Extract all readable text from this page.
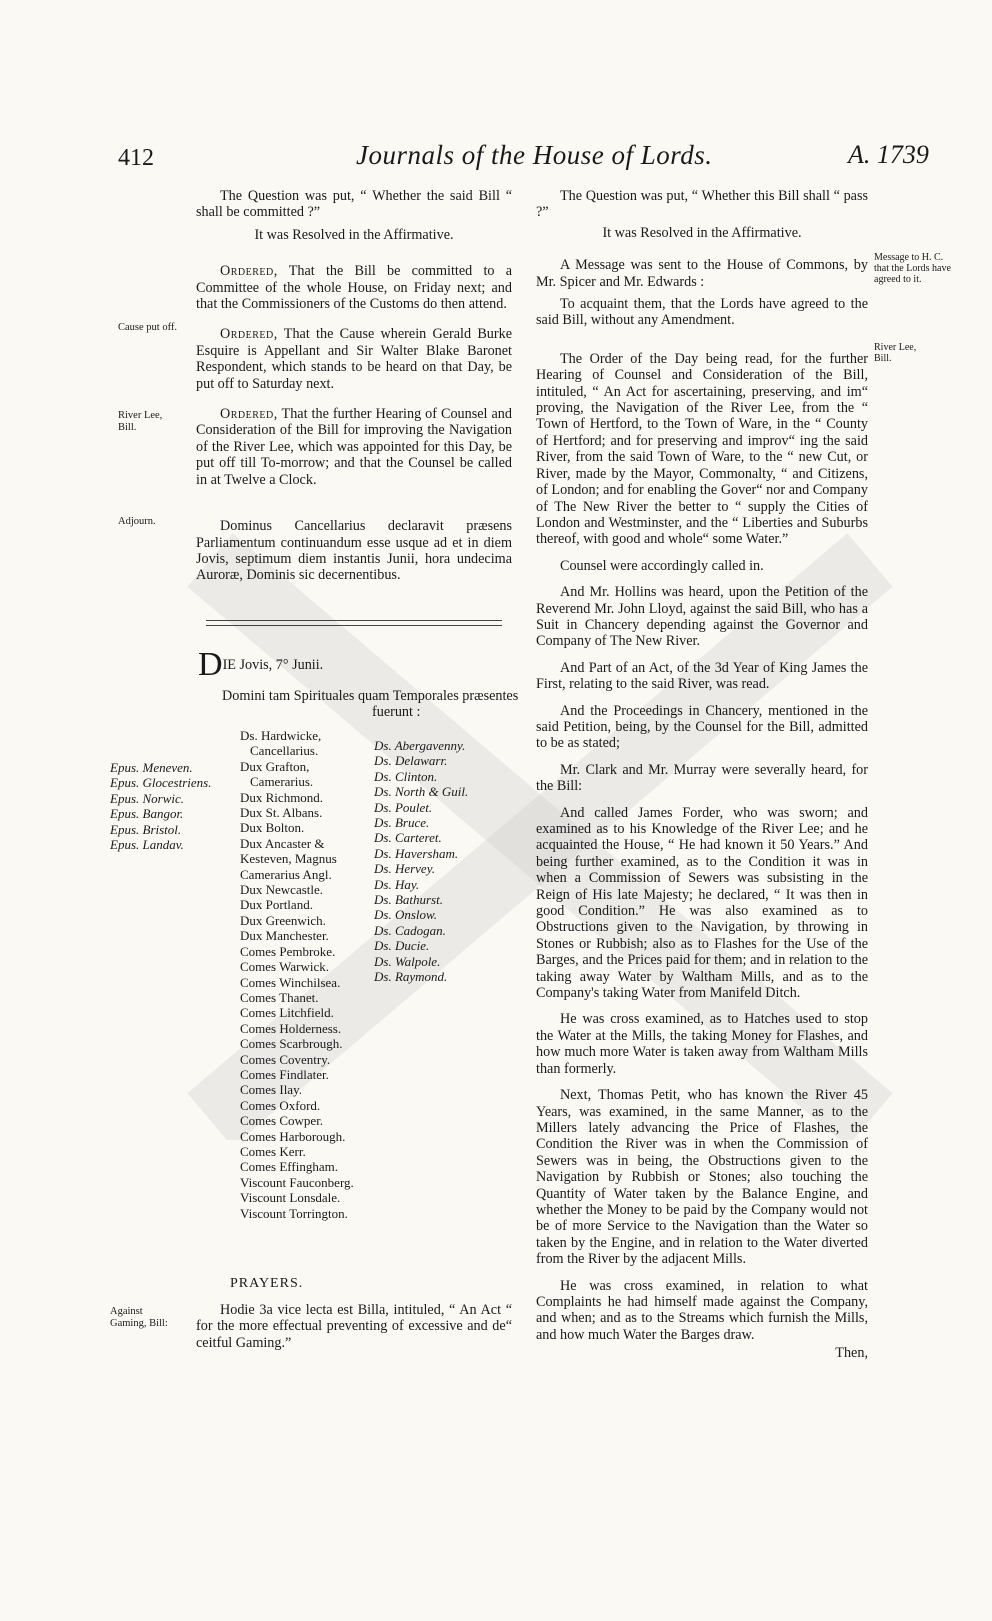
412	Journals of the House of Lords.	A. 1739

The Question was put, “ Whether the said Bill “ shall be committed ?”

It was Resolved in the Affirmative.

Ordered, That the Bill be committed to a Committee of the whole House, on Friday next; and that the Commissioners of the Customs do then attend.

Ordered, That the Cause wherein Gerald Burke Esquire is Appellant and Sir Walter Blake Baronet Respondent, which stands to be heard on that Day, be put off to Saturday next.

Ordered, That the further Hearing of Counsel and Consideration of the Bill for improving the Navigation of the River Lee, which was appointed for this Day, be put off till To-morrow; and that the Counsel be called in at Twelve a Clock.

Dominus Cancellarius declaravit præsens Parliamentum continuandum esse usque ad et in diem Jovis, septimum diem instantis Junii, hora undecima Auroræ, Dominis sic decernentibus.

Cause put off.
River Lee, Bill.
Adjourn.
DIE Jovis, 7° Junii.
Domini tam Spirituales quam Temporales præsentes
fuerunt :
Epus. Meneven.
Epus. Glocestriens.
Epus. Norwic.
Epus. Bangor.
Epus. Bristol.
Epus. Landav.
Ds. Hardwicke,
Cancellarius.
Dux Grafton,
Camerarius.
Dux Richmond.
Dux St. Albans.
Dux Bolton.
Dux Ancaster & Kesteven, Magnus Camerarius Angl.
Dux Newcastle.
Dux Portland.
Dux Greenwich.
Dux Manchester.
Comes Pembroke.
Comes Warwick.
Comes Winchilsea.
Comes Thanet.
Comes Litchfield.
Comes Holderness.
Comes Scarbrough.
Comes Coventry.
Comes Findlater.
Comes Ilay.
Comes Oxford.
Comes Cowper.
Comes Harborough.
Comes Kerr.
Comes Effingham.
Viscount Fauconberg.
Viscount Lonsdale.
Viscount Torrington.
Ds. Abergavenny.
Ds. Delawarr.
Ds. Clinton.
Ds. North & Guil.
Ds. Poulet.
Ds. Bruce.
Ds. Carteret.
Ds. Haversham.
Ds. Hervey.
Ds. Hay.
Ds. Bathurst.
Ds. Onslow.
Ds. Cadogan.
Ds. Ducie.
Ds. Walpole.
Ds. Raymond.
PRAYERS.
Against Gaming, Bill:

Hodie 3a vice lecta est Billa, intituled, “ An Act “ for the more effectual preventing of excessive and de“ ceitful Gaming.”

The Question was put, “ Whether this Bill shall “ pass ?”

It was Resolved in the Affirmative.

A Message was sent to the House of Commons, by Mr. Spicer and Mr. Edwards :

To acquaint them, that the Lords have agreed to the said Bill, without any Amendment.

The Order of the Day being read, for the further Hearing of Counsel and Consideration of the Bill, intituled, “ An Act for ascertaining, preserving, and im“ proving, the Navigation of the River Lee, from the “ Town of Hertford, to the Town of Ware, in the “ County of Hertford; and for preserving and improv“ ing the said River, from the said Town of Ware, to the “ new Cut, or River, made by the Mayor, Commonalty, “ and Citizens, of London; and for enabling the Gover“ nor and Company of The New River the better to “ supply the Cities of London and Westminster, and the “ Liberties and Suburbs thereof, with good and whole“ some Water.”

Counsel were accordingly called in.

And Mr. Hollins was heard, upon the Petition of the Reverend Mr. John Lloyd, against the said Bill, who has a Suit in Chancery depending against the Governor and Company of The New River.

And Part of an Act, of the 3d Year of King James the First, relating to the said River, was read.

And the Proceedings in Chancery, mentioned in the said Petition, being, by the Counsel for the Bill, admitted to be as stated;

Mr. Clark and Mr. Murray were severally heard, for the Bill:

And called James Forder, who was sworn; and examined as to his Knowledge of the River Lee; and he acquainted the House, “ He had known it 50 Years.” And being further examined, as to the Condition it was in when a Commission of Sewers was subsisting in the Reign of His late Majesty; he declared, “ It was then in good Condition.” He was also examined as to Obstructions given to the Navigation, by throwing in Stones or Rubbish; also as to Flashes for the Use of the Barges, and the Prices paid for them; and in relation to the taking away Water by Waltham Mills, and as to the Company's taking Water from Manifeld Ditch.

He was cross examined, as to Hatches used to stop the Water at the Mills, the taking Money for Flashes, and how much more Water is taken away from Waltham Mills than formerly.

Next, Thomas Petit, who has known the River 45 Years, was examined, in the same Manner, as to the Millers lately advancing the Price of Flashes, the Condition the River was in when the Commission of Sewers was in being, the Obstructions given to the Navigation by Rubbish or Stones; also touching the Quantity of Water taken by the Balance Engine, and whether the Money to be paid by the Company would not be of more Service to the Navigation than the Water so taken by the Engine, and in relation to the Water diverted from the River by the adjacent Mills.

He was cross examined, in relation to what Complaints he had himself made against the Company, and when; and as to the Streams which furnish the Mills, and how much Water the Barges draw.

Then,

Message to H. C. that the Lords have agreed to it.
River Lee, Bill.
